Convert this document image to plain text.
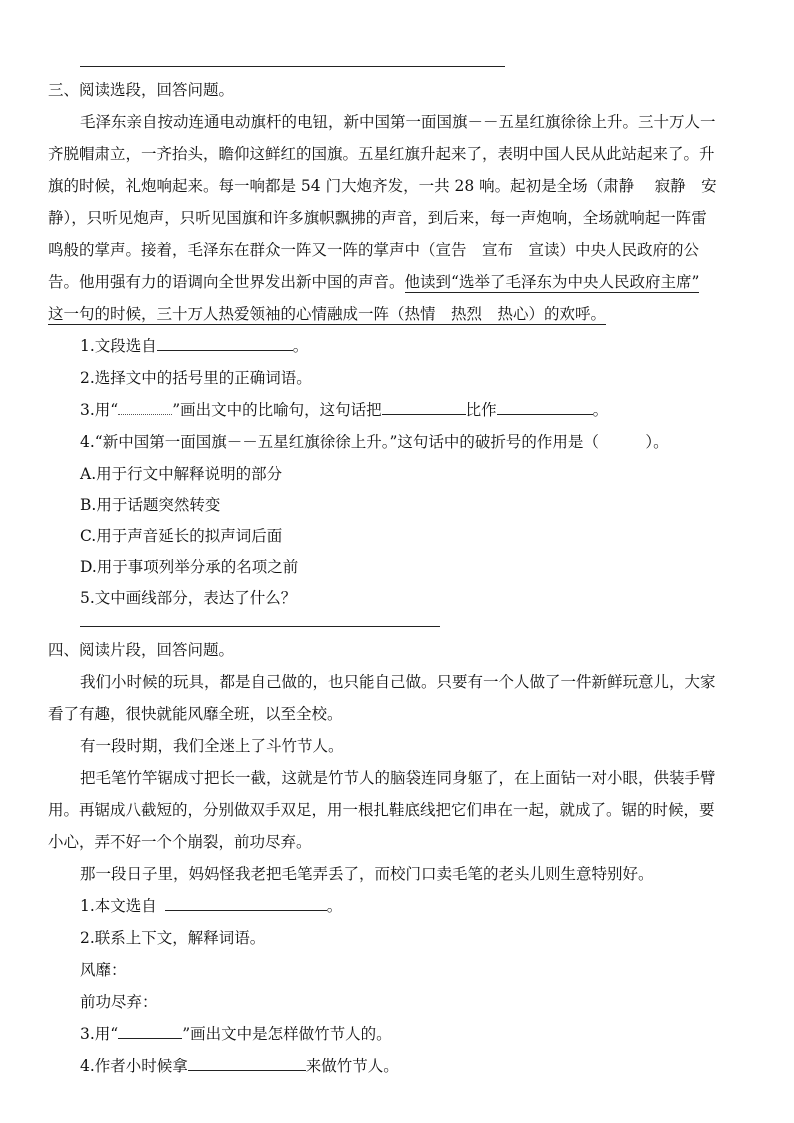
三、阅读选段，回答问题。
毛泽东亲自按动连通电动旗杆的电钮，新中国第一面国旗－－五星红旗徐徐上升。三十万人一
齐脱帽肃立，一齐抬头，瞻仰这鲜红的国旗。五星红旗升起来了，表明中国人民从此站起来了。升
旗的时候，礼炮响起来。每一响都是 54 门大炮齐发，一共 28 响。起初是全场（肃静　 寂静　安
静），只听见炮声，只听见国旗和许多旗帜飘拂的声音，到后来，每一声炮响，全场就响起一阵雷
鸣般的掌声。接着，毛泽东在群众一阵又一阵的掌声中（宣告　宣布　宣读）中央人民政府的公
告。他用强有力的语调向全世界发出新中国的声音。他读到“选举了毛泽东为中央人民政府主席”
这一句的时候，三十万人热爱领袖的心情融成一阵（热情　热烈　热心）的欢呼。
1.文段选自	。
2.选择文中的括号里的正确词语。
3.用“	”画出文中的比喻句，这句话把	比作	。
4.“新中国第一面国旗－－五星红旗徐徐上升。”这句话中的破折号的作用是（　　　）。
A.用于行文中解释说明的部分
B.用于话题突然转变
C.用于声音延长的拟声词后面
D.用于事项列举分承的名项之前
5.文中画线部分，表达了什么？
四、阅读片段，回答问题。
我们小时候的玩具，都是自己做的，也只能自己做。只要有一个人做了一件新鲜玩意儿，大家
看了有趣，很快就能风靡全班，以至全校。
有一段时期，我们全迷上了斗竹节人。
把毛笔竹竿锯成寸把长一截，这就是竹节人的脑袋连同身躯了，在上面钻一对小眼，供装手臂
用。再锯成八截短的，分别做双手双足，用一根扎鞋底线把它们串在一起，就成了。锯的时候，要
小心，弄不好一个个崩裂，前功尽弃。
那一段日子里，妈妈怪我老把毛笔弄丢了，而校门口卖毛笔的老头儿则生意特别好。
1.本文选自	。
2.联系上下文，解释词语。
风靡：
前功尽弃：
3.用“	”画出文中是怎样做竹节人的。
4.作者小时候拿	来做竹节人。
